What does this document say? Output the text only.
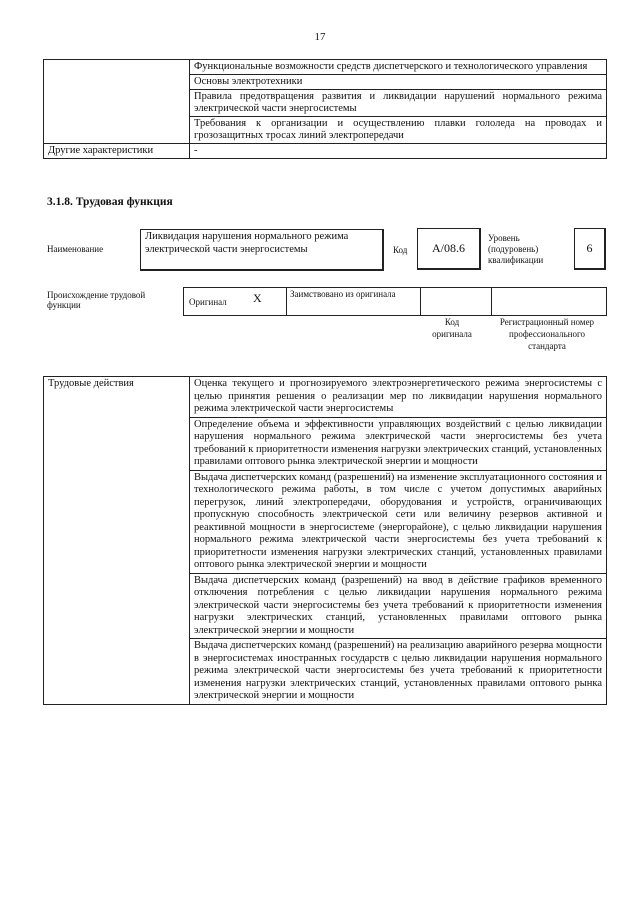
17
	Функциональные возможности средств диспетчерского и технологического управления
	Основы электротехники
	Правила предотвращения развития и ликвидации нарушений нормального режима электрической части энергосистемы
	Требования к организации и осуществлению плавки гололеда на проводах и грозозащитных тросах линий электропередачи
Другие характеристики	-
3.1.8. Трудовая функция
Наименование
Ликвидация нарушения нормального режима электрической части энергосистемы	Код	А/08.6
Уровень (подуровень) квалификации
6
Происхождение трудовой функции	Оригинал X	Заимствовано из оригинала		
Код оригинала
Регистрационный номер профессионального стандарта
Трудовые действия	Оценка текущего и прогнозируемого электроэнергетического режима энергосистемы с целью принятия решения о реализации мер по ликвидации нарушения нормального режима электрической части энергосистемы
Определение объема и эффективности управляющих воздействий с целью ликвидации нарушения нормального режима электрической части энергосистемы без учета требований к приоритетности изменения нагрузки электрических станций, установленных правилами оптового рынка электрической энергии и мощности
Выдача диспетчерских команд (разрешений) на изменение эксплуатационного состояния и технологического режима работы, в том числе с учетом допустимых аварийных перегрузок, линий электропередачи, оборудования и устройств, ограничивающих пропускную способность электрической сети или величину резервов активной и реактивной мощности в энергосистеме (энергорайоне), с целью ликвидации нарушения нормального режима электрической части энергосистемы без учета требований к приоритетности изменения нагрузки электрических станций, установленных правилами оптового рынка электрической энергии и мощности
Выдача диспетчерских команд (разрешений) на ввод в действие графиков временного отключения потребления с целью ликвидации нарушения нормального режима электрической части энергосистемы без учета требований к приоритетности изменения нагрузки электрических станций, установленных правилами оптового рынка электрической энергии и мощности
Выдача диспетчерских команд (разрешений) на реализацию аварийного резерва мощности в энергосистемах иностранных государств с целью ликвидации нарушения нормального режима электрической части энергосистемы без учета требований к приоритетности изменения нагрузки электрических станций, установленных правилами оптового рынка электрической энергии и мощности
